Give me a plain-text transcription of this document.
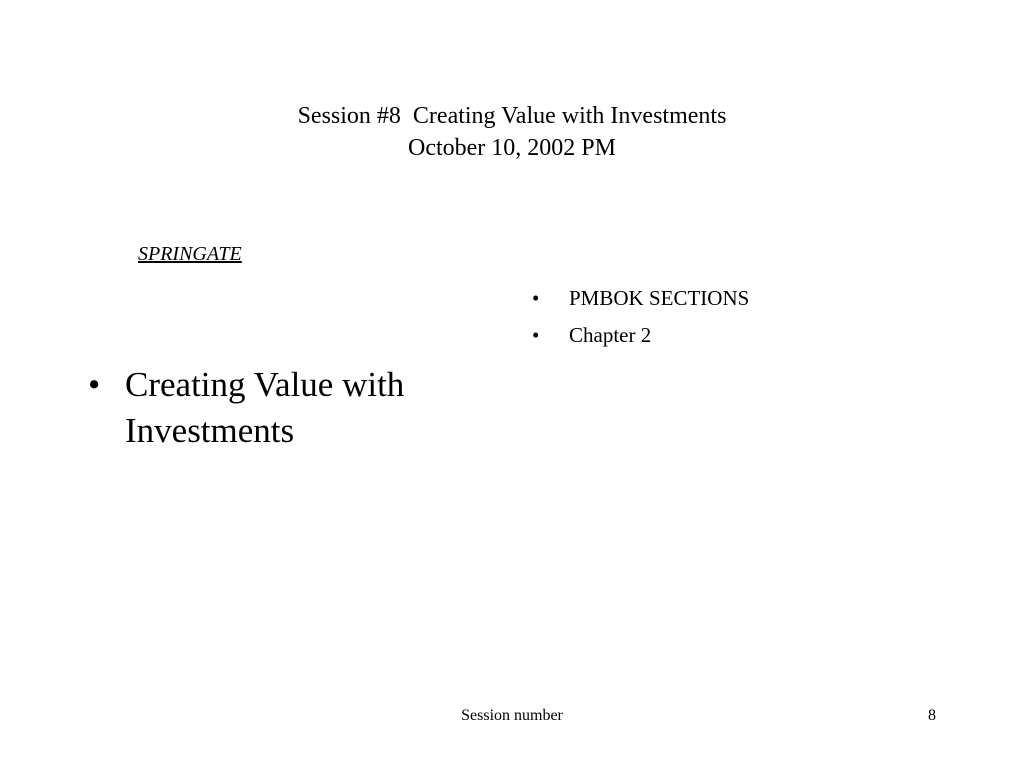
Session #8  Creating Value with Investments
October 10, 2002 PM
SPRINGATE
• Creating Value with Investments
•	PMBOK SECTIONS
•	Chapter 2
Session number	8
